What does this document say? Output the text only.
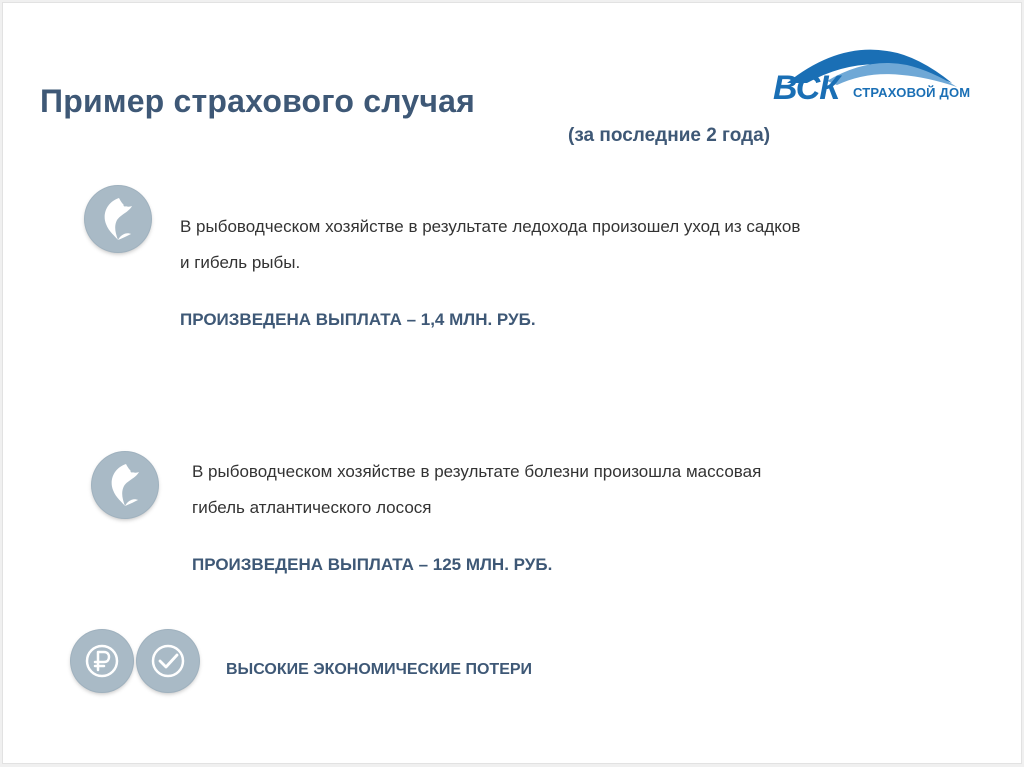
Пример страхового случая
(за последние 2 года)
ВСК СТРАХОВОЙ ДОМ
В рыбоводческом хозяйстве в результате ледохода произошел уход из садков
и гибель рыбы.
ПРОИЗВЕДЕНА ВЫПЛАТА – 1,4 МЛН. РУБ.
В рыбоводческом хозяйстве в результате болезни произошла массовая
гибель атлантического лосося
ПРОИЗВЕДЕНА ВЫПЛАТА – 125 МЛН. РУБ.
ВЫСОКИЕ ЭКОНОМИЧЕСКИЕ ПОТЕРИ
